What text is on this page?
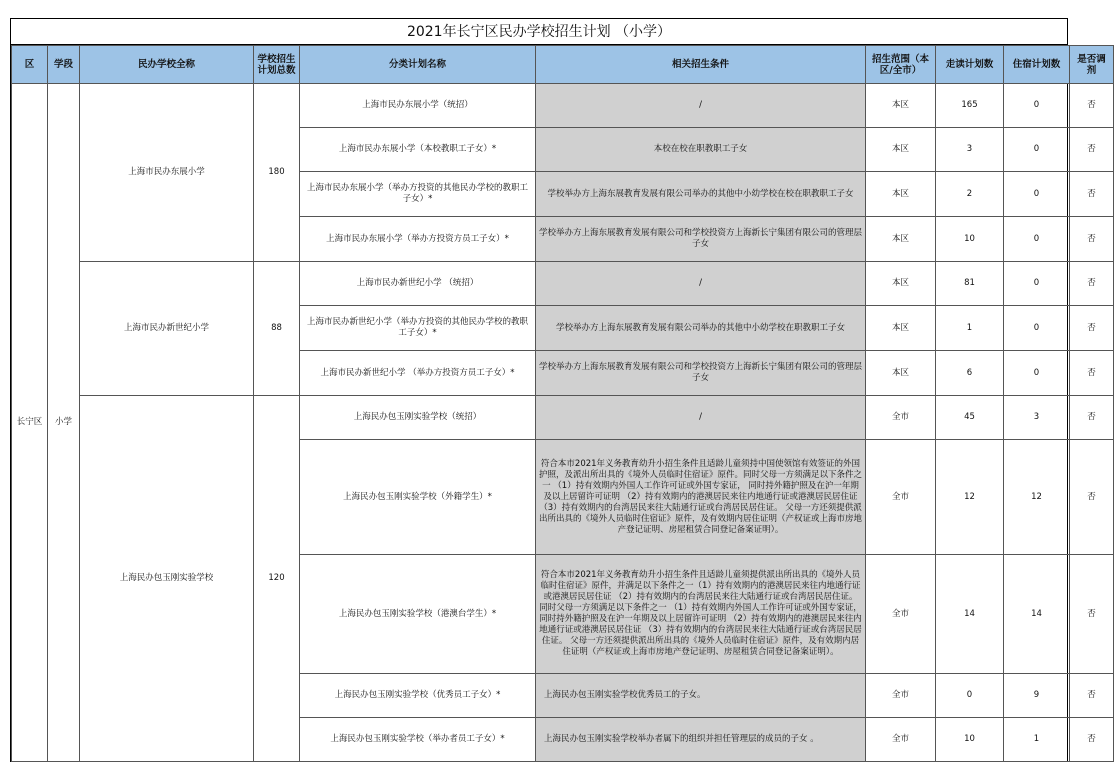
2021年长宁区民办学校招生计划 （小学）
区	学段	民办学校全称	学校招生计划总数	分类计划名称	相关招生条件	招生范围（本区/全市）	走读计划数	住宿计划数	是否调剂
长宁区	小学	上海市民办东展小学	180	上海市民办东展小学（统招）	/	本区	165	0	否
				上海市民办东展小学（本校教职工子女）*	本校在校在职教职工子女	本区	3	0	否
				上海市民办东展小学（举办方投资的其他民办学校的教职工子女）*	学校举办方上海东展教育发展有限公司举办的其他中小幼学校在校在职教职工子女	本区	2	0	否
				上海市民办东展小学（举办方投资方员工子女）*	学校举办方上海东展教育发展有限公司和学校投资方上海新长宁集团有限公司的管理层子女	本区	10	0	否
		上海市民办新世纪小学	88	上海市民办新世纪小学 （统招）	/	本区	81	0	否
				上海市民办新世纪小学（举办方投资的其他民办学校的教职工子女）*	学校举办方上海东展教育发展有限公司举办的其他中小幼学校在职教职工子女	本区	1	0	否
				上海市民办新世纪小学 （举办方投资方员工子女）*	学校举办方上海东展教育发展有限公司和学校投资方上海新长宁集团有限公司的管理层子女	本区	6	0	否
		上海民办包玉刚实验学校	120	上海民办包玉刚实验学校（统招）	/	全市	45	3	否
				上海民办包玉刚实验学校（外籍学生）*	符合本市2021年义务教育幼升小招生条件且适龄儿童须持中国使领馆有效签证的外国护照，及派出所出具的《境外人员临时住宿证》原件。同时父母一方须满足以下条件之一 （1）持有效期内外国人工作许可证或外国专家证， 同时持外籍护照及在沪一年期及以上居留许可证明 （2）持有效期内的港澳居民来往内地通行证或港澳居民居住证 （3）持有效期内的台湾居民来往大陆通行证或台湾居民居住证。 父母一方还须提供派出所出具的《境外人员临时住宿证》原件，及有效期内居住证明（产权证或上海市房地产登记证明、房屋租赁合同登记备案证明）。	全市	12	12	否
				上海民办包玉刚实验学校（港澳台学生）*	符合本市2021年义务教育幼升小招生条件且适龄儿童须提供派出所出具的《境外人员临时住宿证》原件，并满足以下条件之一（1）持有效期内的港澳居民来往内地通行证或港澳居民居住证 （2）持有效期内的台湾居民来往大陆通行证或台湾居民居住证。 同时父母一方须满足以下条件之一 （1）持有效期内外国人工作许可证或外国专家证， 同时持外籍护照及在沪一年期及以上居留许可证明 （2）持有效期内的港澳居民来往内地通行证或港澳居民居住证 （3）持有效期内的台湾居民来往大陆通行证或台湾居民居住证。 父母一方还须提供派出所出具的《境外人员临时住宿证》原件，及有效期内居住证明（产权证或上海市房地产登记证明、房屋租赁合同登记备案证明）。	全市	14	14	否
				上海民办包玉刚实验学校（优秀员工子女）*	上海民办包玉刚实验学校优秀员工的子女。	全市	0	9	否
				上海民办包玉刚实验学校（举办者员工子女）*	上海民办包玉刚实验学校举办者属下的组织并担任管理层的成员的子女 。	全市	10	1	否
